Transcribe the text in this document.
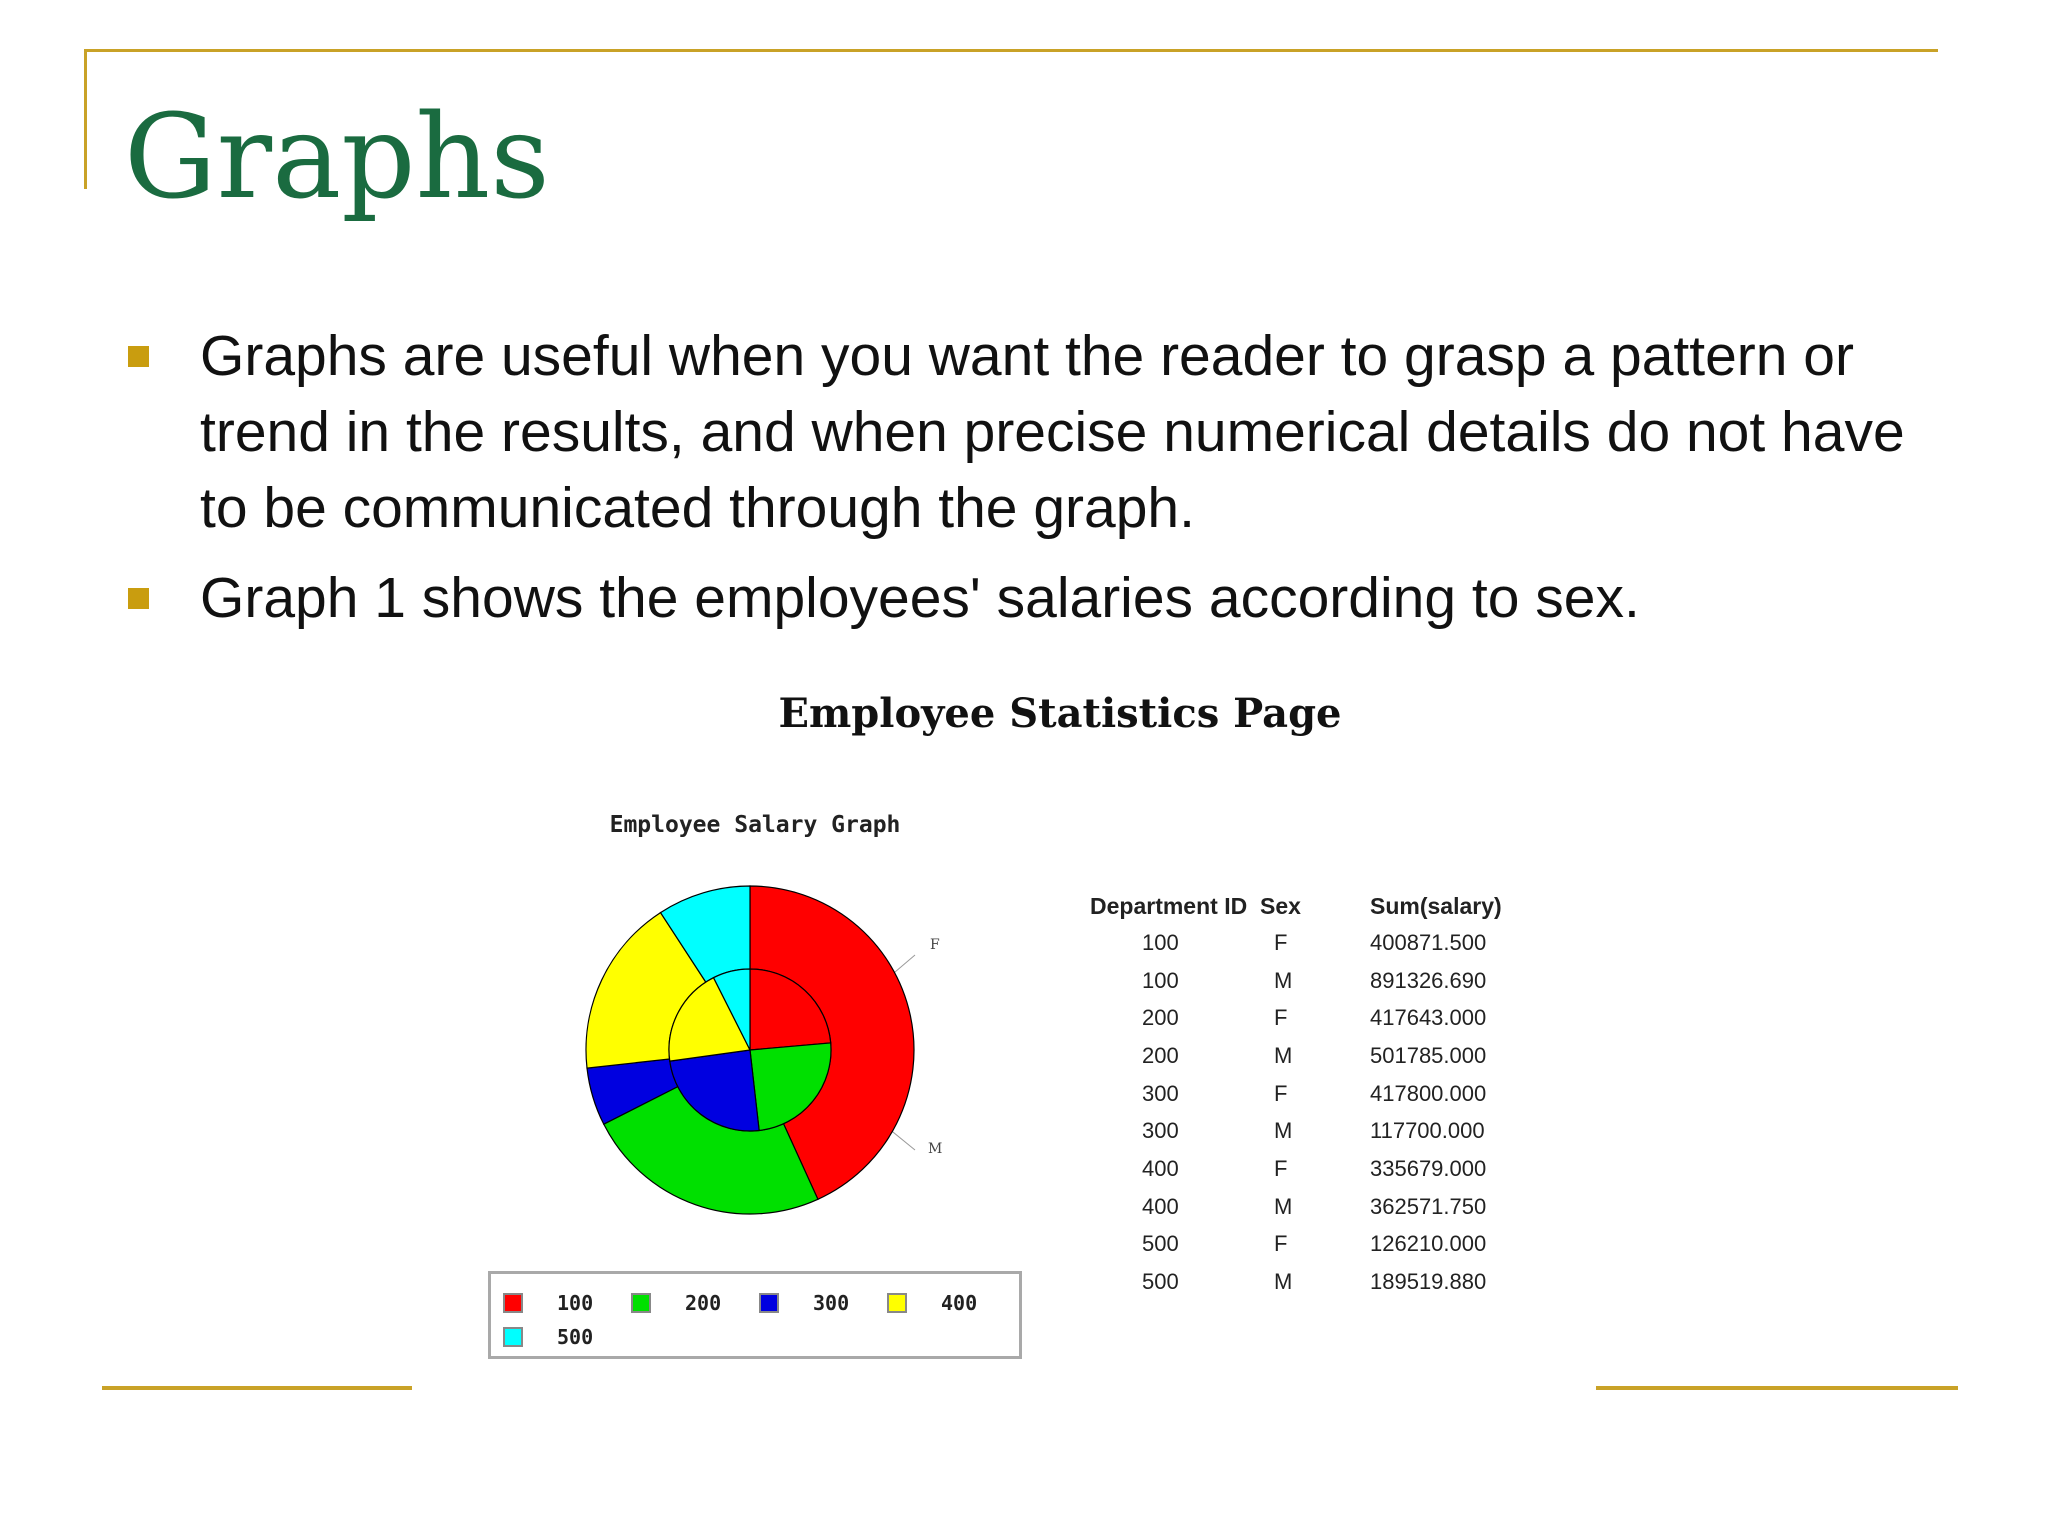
Graphs
Graphs are useful when you want the reader to grasp a pattern or trend in the results, and when precise numerical details do not have to be communicated through the graph.
Graph 1 shows the employees' salaries according to sex.
Employee Statistics Page
Employee Salary Graph
F
M
100	200	300	400
500
Department ID	Sex	Sum(salary)
100	F	400871.500
100	M	891326.690
200	F	417643.000
200	M	501785.000
300	F	417800.000
300	M	117700.000
400	F	335679.000
400	M	362571.750
500	F	126210.000
500	M	189519.880
